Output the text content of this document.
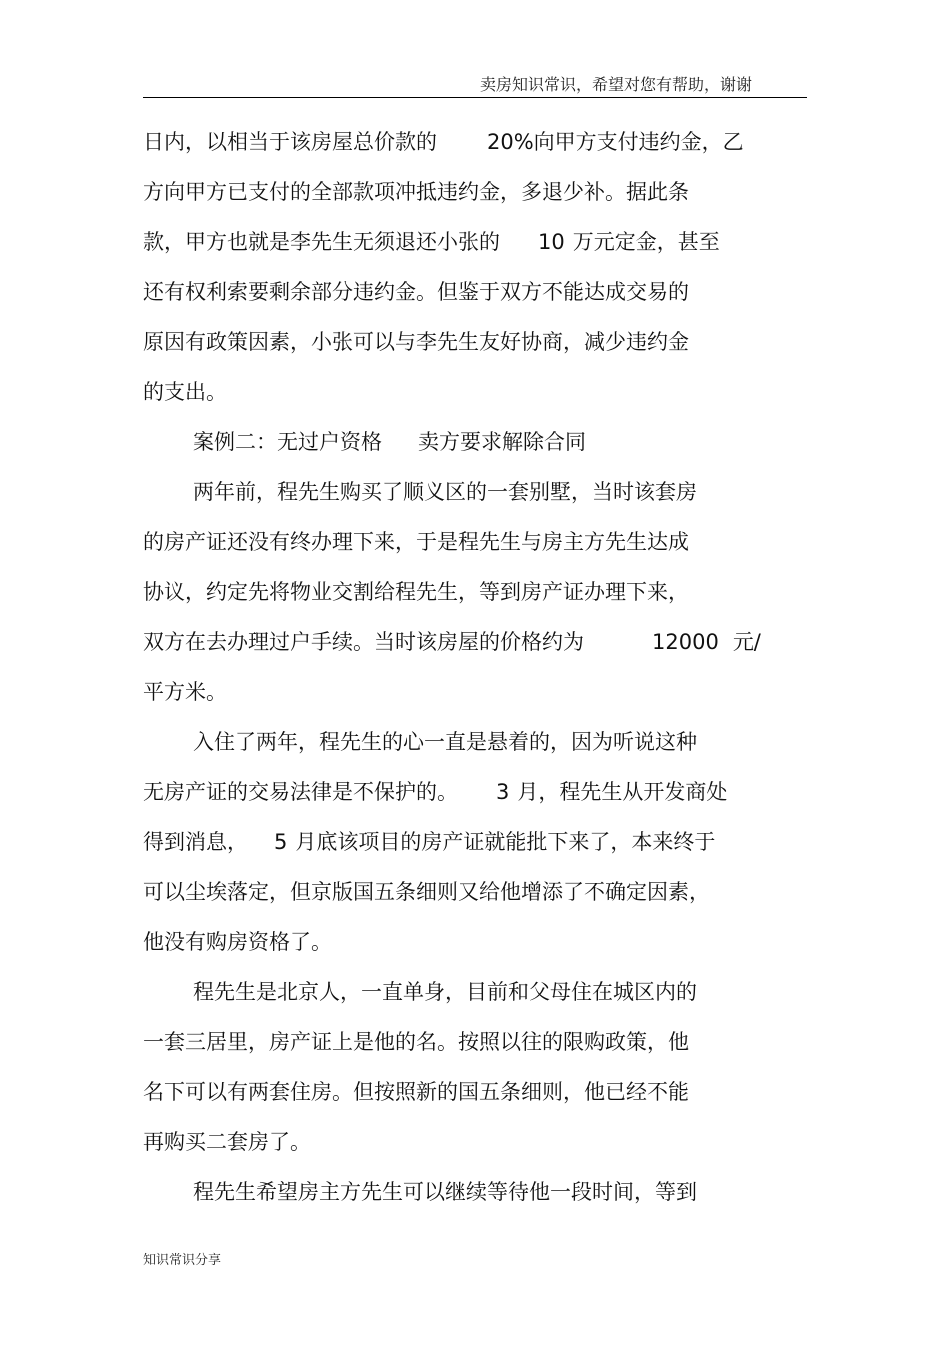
卖房知识常识，希望对您有帮助，谢谢
日内，以相当于该房屋总价款的 20%向甲方支付违约金，乙
方向甲方已支付的全部款项冲抵违约金，多退少补。据此条
款，甲方也就是李先生无须退还小张的 10 万元定金，甚至
还有权利索要剩余部分违约金。但鉴于双方不能达成交易的
原因有政策因素，小张可以与李先生友好协商，减少违约金
的支出。
案例二：无过户资格 卖方要求解除合同
两年前，程先生购买了顺义区的一套别墅，当时该套房
的房产证还没有终办理下来，于是程先生与房主方先生达成
协议，约定先将物业交割给程先生，等到房产证办理下来，
双方在去办理过户手续。当时该房屋的价格约为	12000 元/
平方米。
入住了两年，程先生的心一直是悬着的，因为听说这种
无房产证的交易法律是不保护的。 3 月，程先生从开发商处
得到消息， 5 月底该项目的房产证就能批下来了，本来终于
可以尘埃落定，但京版国五条细则又给他增添了不确定因素，
他没有购房资格了。
程先生是北京人，一直单身，目前和父母住在城区内的
一套三居里，房产证上是他的名。按照以往的限购政策，他
名下可以有两套住房。但按照新的国五条细则，他已经不能
再购买二套房了。
程先生希望房主方先生可以继续等待他一段时间，等到
知识常识分享
